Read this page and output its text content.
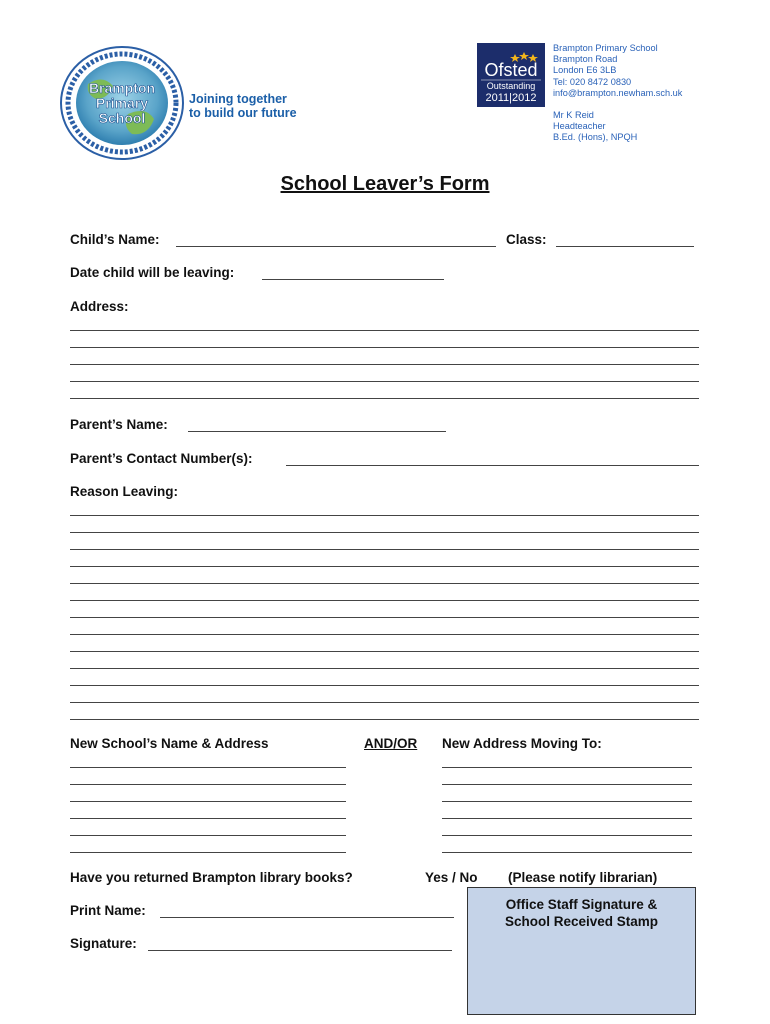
Brampton
Primary
School
Joining together
to build our future
Ofsted
Outstanding
2011|2012
Brampton Primary School
Brampton Road
London E6 3LB
Tel: 020 8472 0830
info@brampton.newham.sch.uk
Mr K Reid
Headteacher
B.Ed. (Hons), NPQH
School Leaver’s Form
Child’s Name:	Class:
Date child will be leaving:
Address:
Parent’s Name:
Parent’s Contact Number(s):
Reason Leaving:
New School’s Name & Address	AND/OR New Address Moving To:
Have you returned Brampton library books?	Yes / No (Please notify librarian)
Print Name:
Signature:
Office Staff Signature &
School Received Stamp
